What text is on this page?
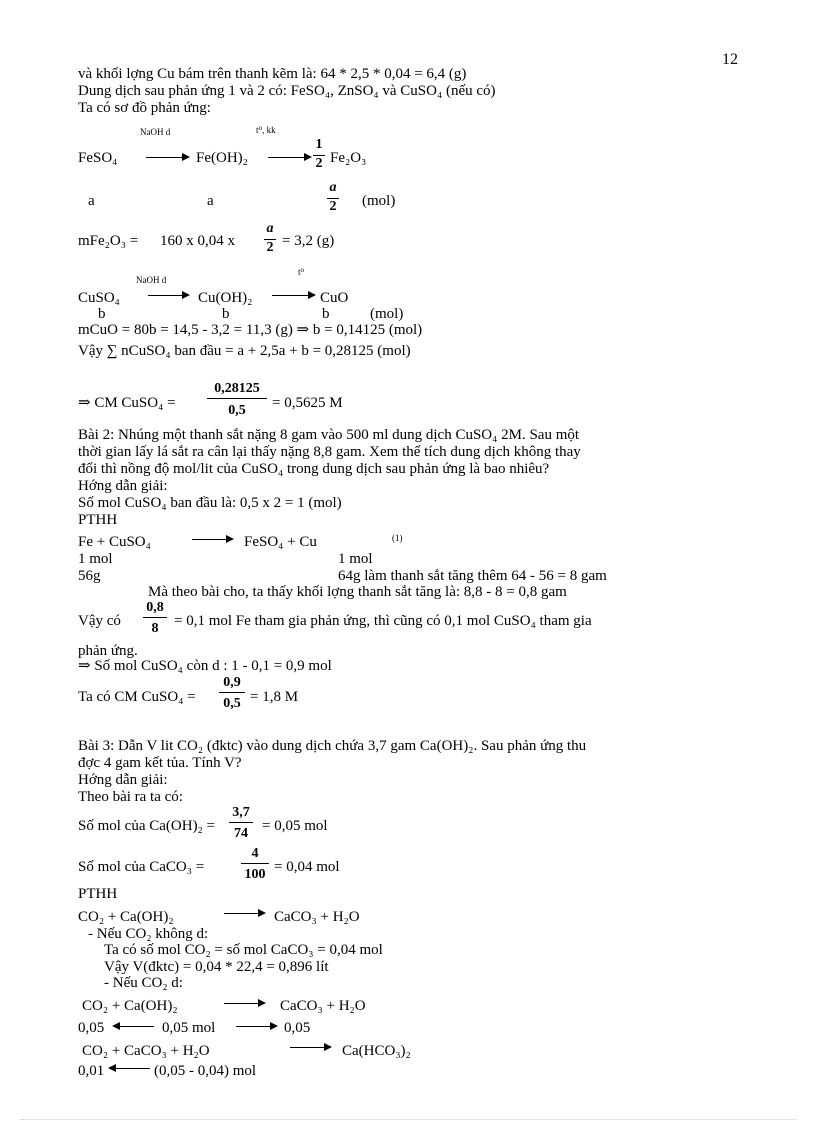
12
và khối lợng Cu bám trên thanh kẽm là: 64 * 2,5 * 0,04 = 6,4 (g)
Dung dịch sau phản ứng 1 và 2 có: FeSO₄, ZnSO₄ và CuSO₄ (nếu có)
Ta có sơ đồ phản ứng:
NaOH d	t⁰, kk
FeSO₄ → Fe(OH)₂ →
1
2 Fe₂O₃
a	a
a
2 (mol)
mFe₂O₃ = 160 x 0,04 x
a
2 = 3,2 (g)
NaOH d
t⁰
CuSO₄ → Cu(OH)₂ → CuO
b	b	b	(mol)
mCuO = 80b = 14,5 - 3,2 = 11,3 (g) ⇒ b = 0,14125 (mol)
Vậy ∑ nCuSO₄ ban đầu = a + 2,5a + b = 0,28125 (mol)
⇒ CM CuSO₄ =
0,28125
0,5	= 0,5625 M
Bài 2: Nhúng một thanh sắt nặng 8 gam vào 500 ml dung dịch CuSO₄ 2M. Sau một
thời gian lấy lá sắt ra cân lại thấy nặng 8,8 gam. Xem thể tích dung dịch không thay
đổi thì nồng độ mol/lit của CuSO₄ trong dung dịch sau phản ứng là bao nhiêu?
Hớng dẫn giải:
Số mol CuSO₄ ban đầu là: 0,5 x 2 = 1 (mol)
PTHH
Fe + CuSO₄	→ FeSO₄ + Cu	(1)
1 mol	1 mol
56g	64g làm thanh sắt tăng thêm 64 - 56 = 8 gam
Mà theo bài cho, ta thấy khối lợng thanh sắt tăng là: 8,8 - 8 = 0,8 gam
Vậy có
0,8
8	= 0,1 mol Fe tham gia phản ứng, thì cũng có 0,1 mol CuSO₄ tham gia
phản ứng.
⇒ Số mol CuSO₄ còn d : 1 - 0,1 = 0,9 mol
Ta có CM CuSO₄ =
0,9
0,5 = 1,8 M
Bài 3: Dẫn V lit CO₂ (đktc) vào dung dịch chứa 3,7 gam Ca(OH)₂. Sau phản ứng thu
đợc 4 gam kết tủa. Tính V?
Hớng dẫn giải:
Theo bài ra ta có:
Số mol của Ca(OH)₂ =
3,7
74 = 0,05 mol
Số mol của CaCO₃ =
4
100 = 0,04 mol
PTHH
CO₂ + Ca(OH)₂	→ CaCO₃ + H₂O
- Nếu CO₂ không d:
Ta có số mol CO₂ = số mol CaCO₃ = 0,04 mol
Vậy V(đktc) = 0,04 * 22,4 = 0,896 lít
- Nếu CO₂ d:
CO₂ + Ca(OH)₂	→ CaCO₃ + H₂O
0,05	0,05 mol → 0,05
CO₂ + CaCO₃ + H₂O	→ Ca(HCO₃)₂
0,01	(0,05 - 0,04) mol
